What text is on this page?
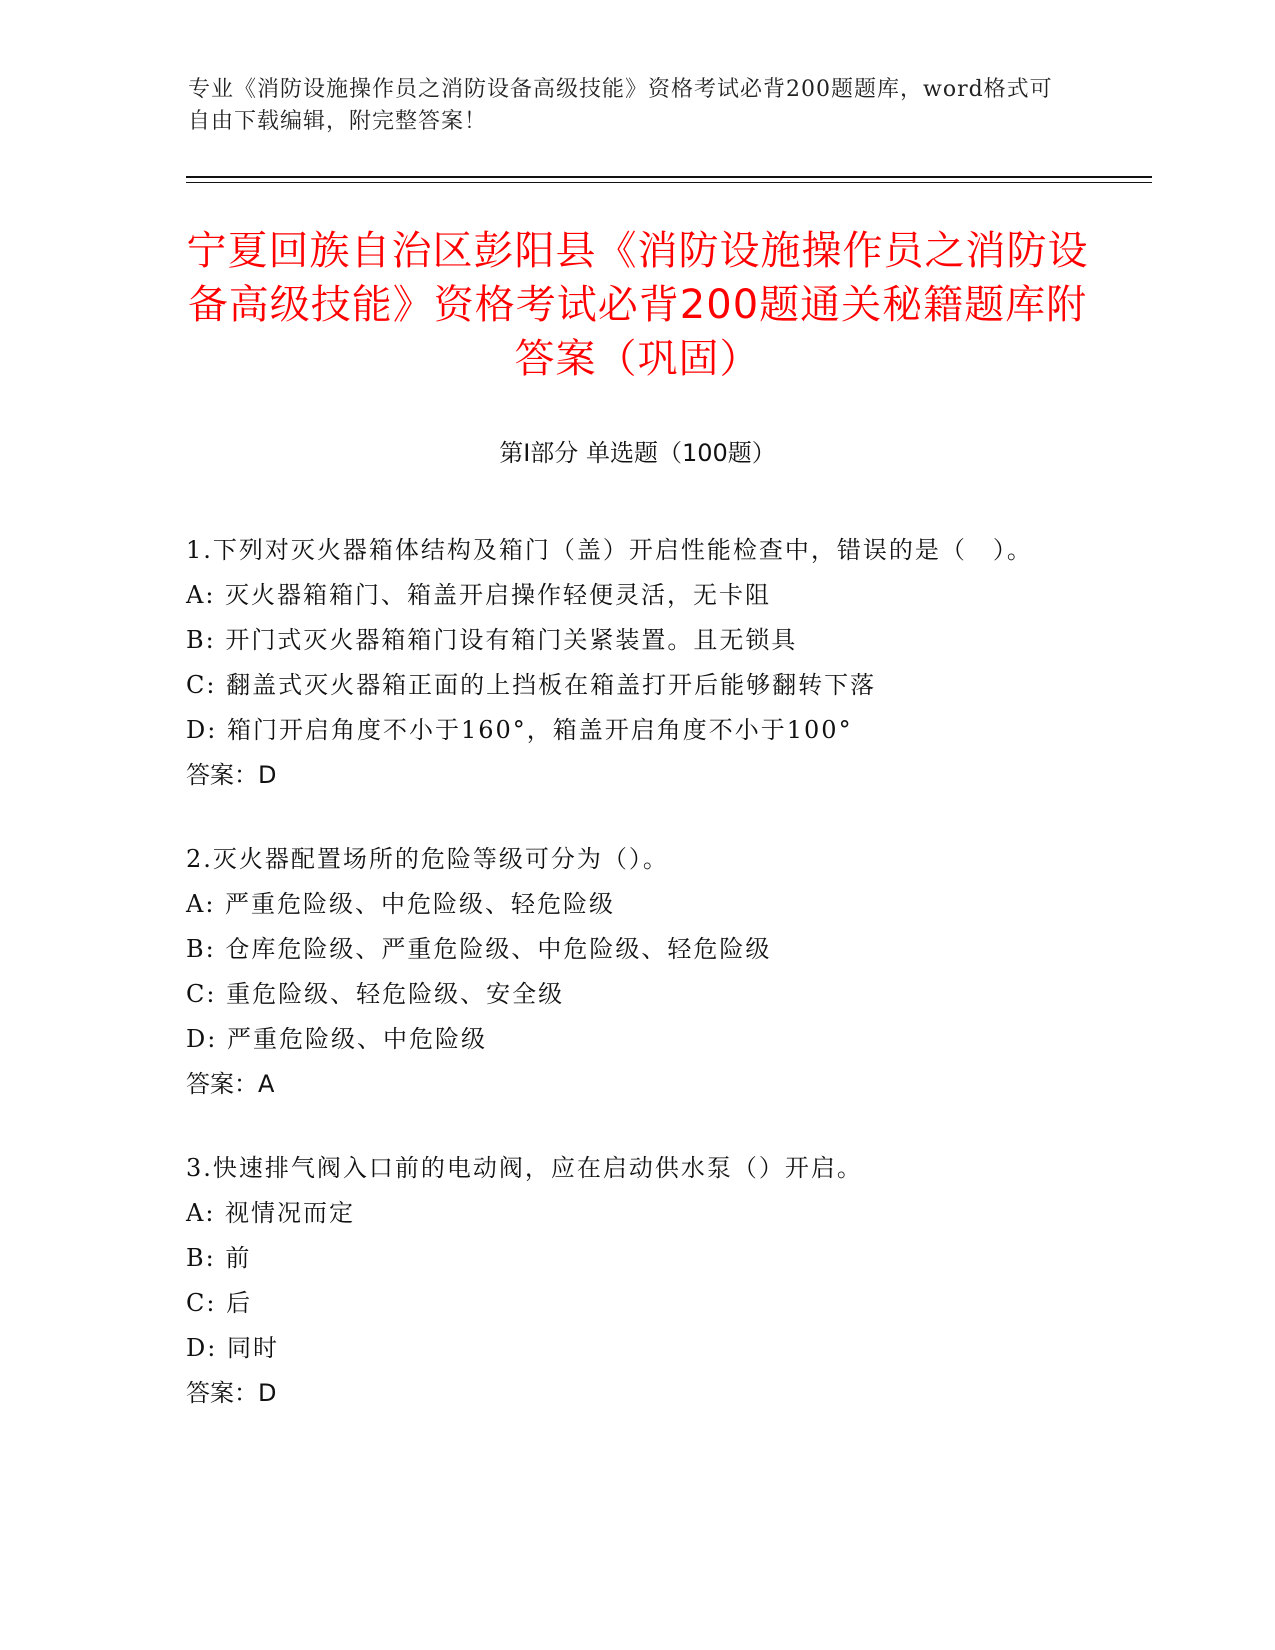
专业《消防设施操作员之消防设备高级技能》资格考试必背200题题库，word格式可自由下载编辑，附完整答案！
宁夏回族自治区彭阳县《消防设施操作员之消防设备高级技能》资格考试必背200题通关秘籍题库附答案（巩固）
第I部分 单选题（100题）
1.下列对灭火器箱体结构及箱门（盖）开启性能检查中，错误的是（　）。
A: 灭火器箱箱门、箱盖开启操作轻便灵活，无卡阻
B: 开门式灭火器箱箱门设有箱门关紧装置。且无锁具
C: 翻盖式灭火器箱正面的上挡板在箱盖打开后能够翻转下落
D: 箱门开启角度不小于160°，箱盖开启角度不小于100°
答案：D
2.灭火器配置场所的危险等级可分为（）。
A: 严重危险级、中危险级、轻危险级
B: 仓库危险级、严重危险级、中危险级、轻危险级
C: 重危险级、轻危险级、安全级
D: 严重危险级、中危险级
答案：A
3.快速排气阀入口前的电动阀，应在启动供水泵（）开启。
A: 视情况而定
B: 前
C: 后
D: 同时
答案：D
